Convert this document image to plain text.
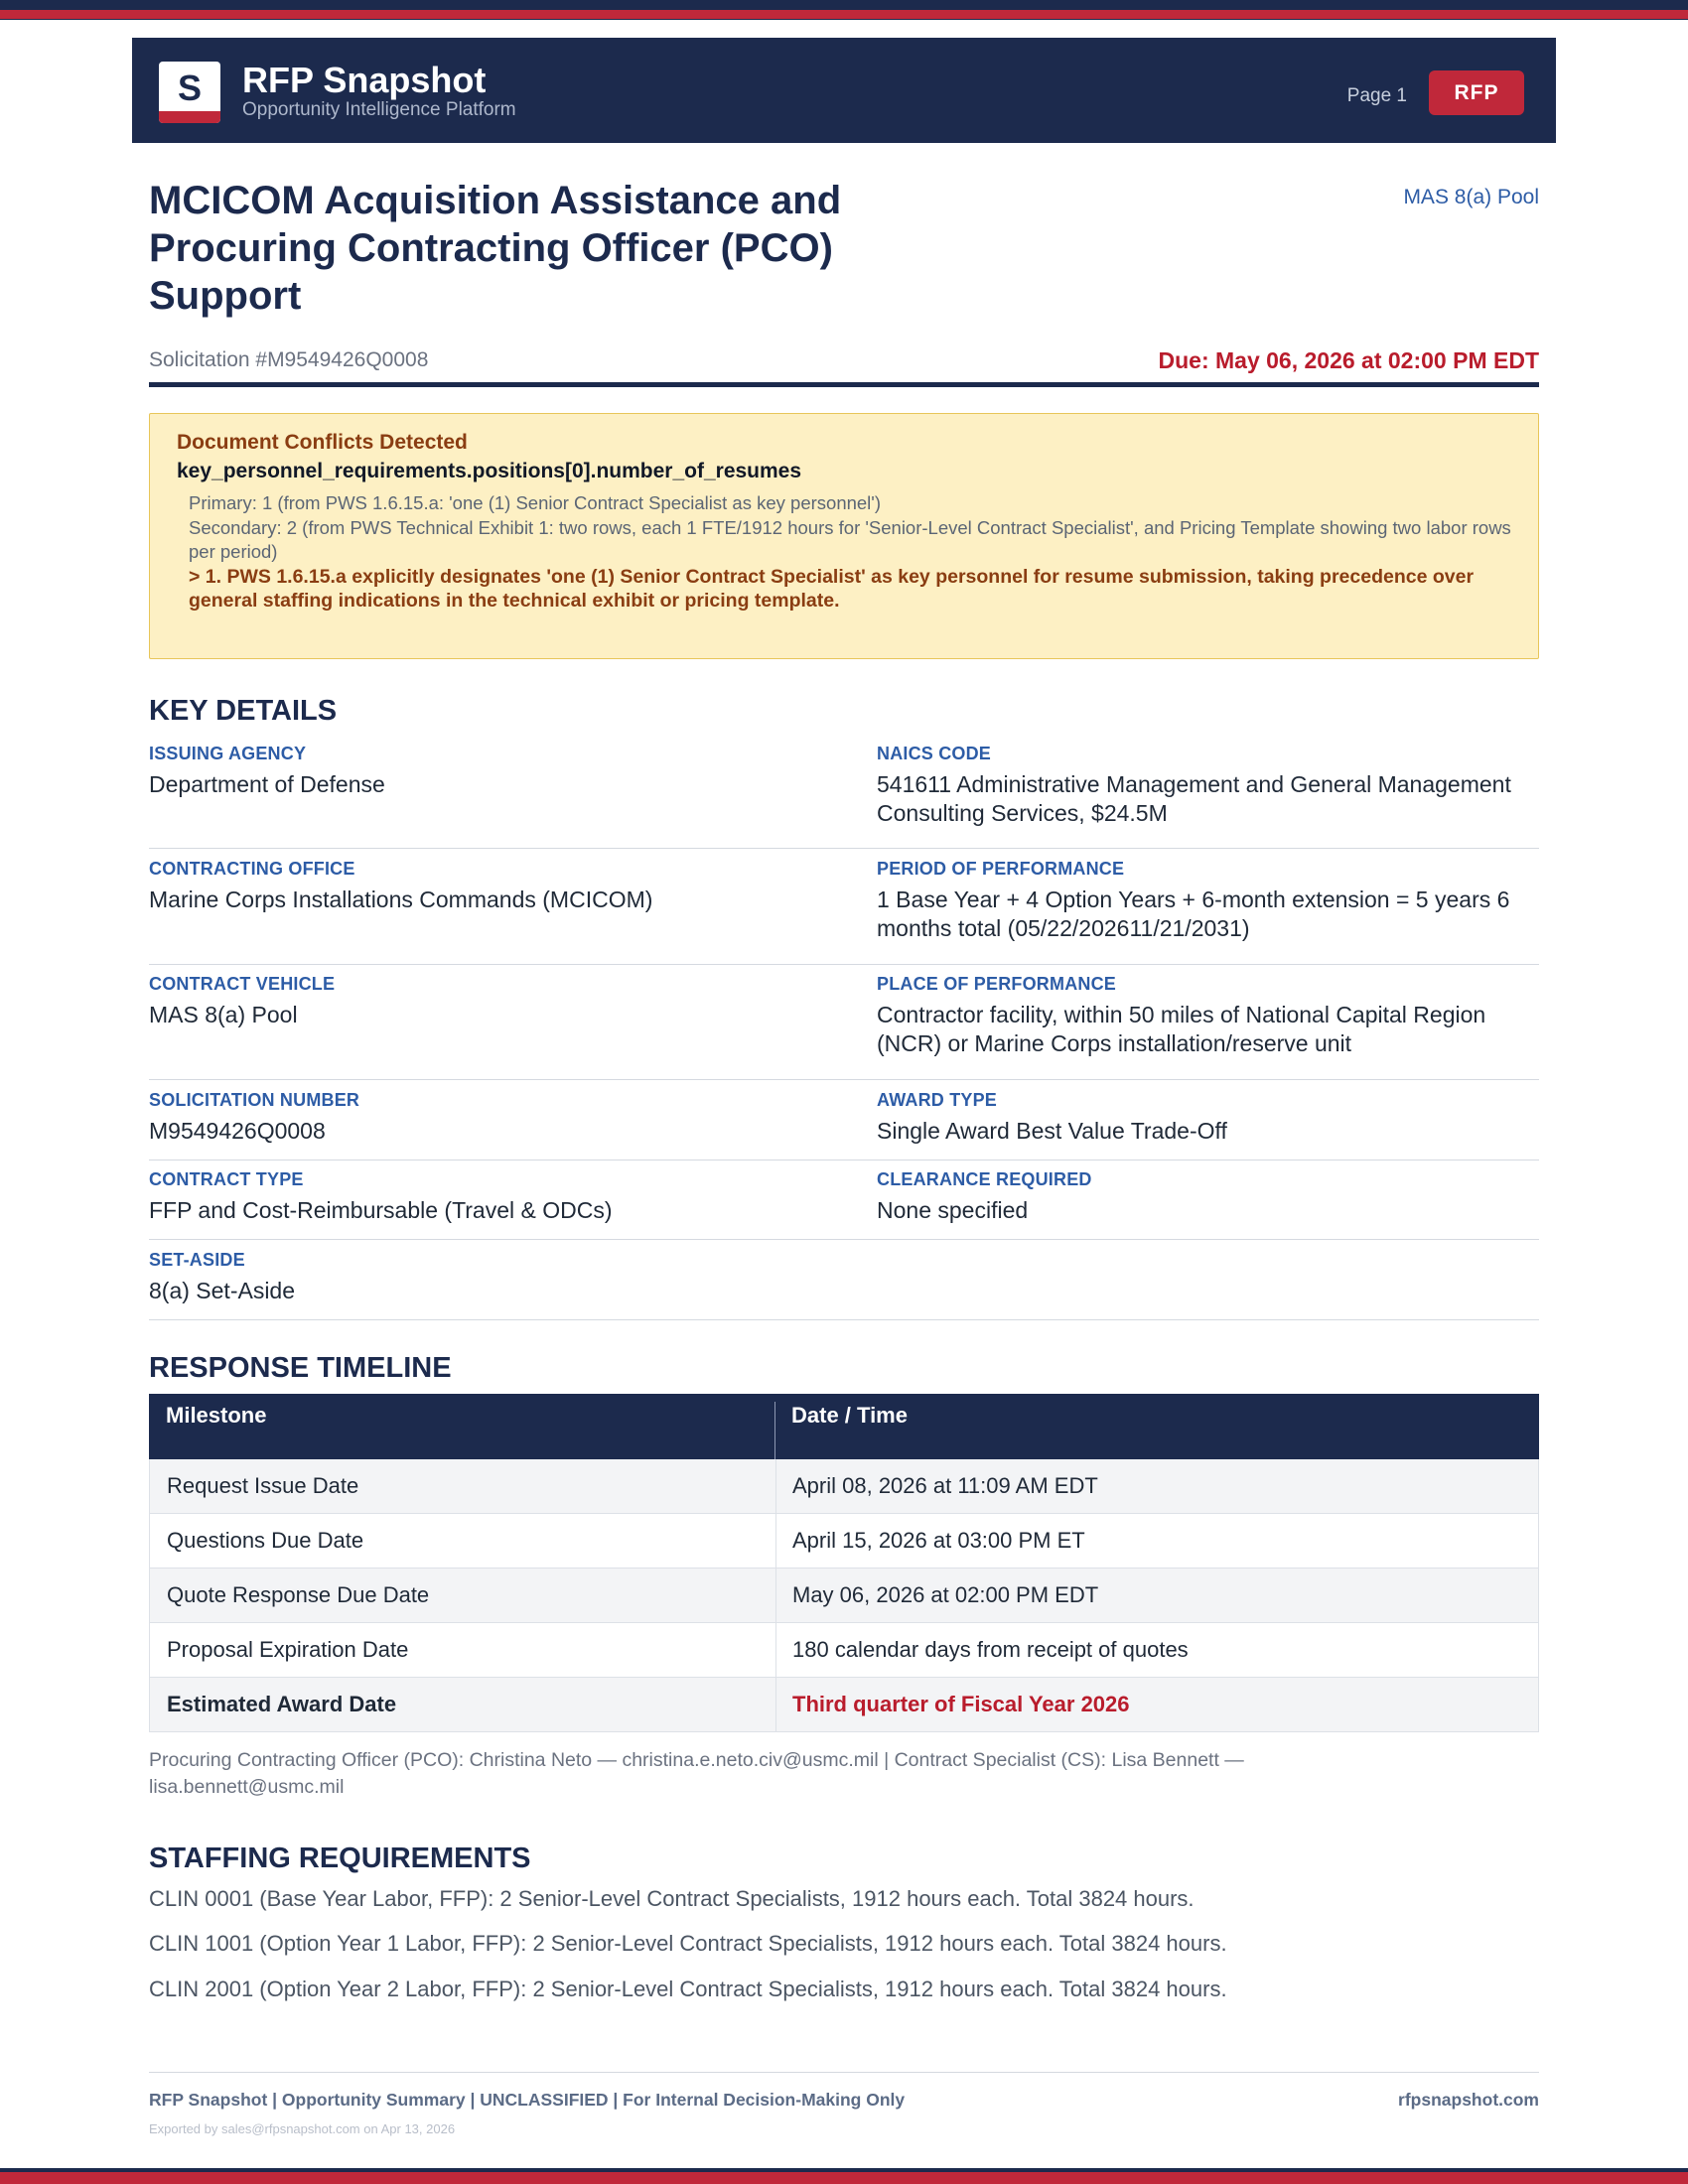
S	RFP Snapshot
Opportunity Intelligence Platform
Page 1	RFP
MCICOM Acquisition Assistance and Procuring Contracting Officer (PCO) Support
MAS 8(a) Pool
Solicitation #M9549426Q0008	Due: May 06, 2026 at 02:00 PM EDT
Document Conflicts Detected
key_personnel_requirements.positions[0].number_of_resumes
Primary: 1 (from PWS 1.6.15.a: 'one (1) Senior Contract Specialist as key personnel')
Secondary: 2 (from PWS Technical Exhibit 1: two rows, each 1 FTE/1912 hours for 'Senior-Level Contract Specialist', and Pricing Template showing two labor rows per period)
> 1. PWS 1.6.15.a explicitly designates 'one (1) Senior Contract Specialist' as key personnel for resume submission, taking precedence over general staffing indications in the technical exhibit or pricing template.
KEY DETAILS
ISSUING AGENCY
Department of Defense
NAICS CODE
541611 Administrative Management and General Management Consulting Services, $24.5M
CONTRACTING OFFICE
Marine Corps Installations Commands (MCICOM)
PERIOD OF PERFORMANCE
1 Base Year + 4 Option Years + 6-month extension = 5 years 6 months total (05/22/202611/21/2031)
CONTRACT VEHICLE
MAS 8(a) Pool
PLACE OF PERFORMANCE
Contractor facility, within 50 miles of National Capital Region (NCR) or Marine Corps installation/reserve unit
SOLICITATION NUMBER
M9549426Q0008
AWARD TYPE
Single Award Best Value Trade-Off
CONTRACT TYPE
FFP and Cost-Reimbursable (Travel & ODCs)
CLEARANCE REQUIRED
None specified
SET-ASIDE
8(a) Set-Aside
RESPONSE TIMELINE
Milestone	Date / Time
Request Issue Date	April 08, 2026 at 11:09 AM EDT
Questions Due Date	April 15, 2026 at 03:00 PM ET
Quote Response Due Date	May 06, 2026 at 02:00 PM EDT
Proposal Expiration Date	180 calendar days from receipt of quotes
Estimated Award Date	Third quarter of Fiscal Year 2026
Procuring Contracting Officer (PCO): Christina Neto — christina.e.neto.civ@usmc.mil | Contract Specialist (CS): Lisa Bennett — lisa.bennett@usmc.mil
STAFFING REQUIREMENTS
CLIN 0001 (Base Year Labor, FFP): 2 Senior-Level Contract Specialists, 1912 hours each. Total 3824 hours.
CLIN 1001 (Option Year 1 Labor, FFP): 2 Senior-Level Contract Specialists, 1912 hours each. Total 3824 hours.
CLIN 2001 (Option Year 2 Labor, FFP): 2 Senior-Level Contract Specialists, 1912 hours each. Total 3824 hours.
RFP Snapshot | Opportunity Summary | UNCLASSIFIED | For Internal Decision-Making Only	rfpsnapshot.com
Exported by sales@rfpsnapshot.com on Apr 13, 2026
